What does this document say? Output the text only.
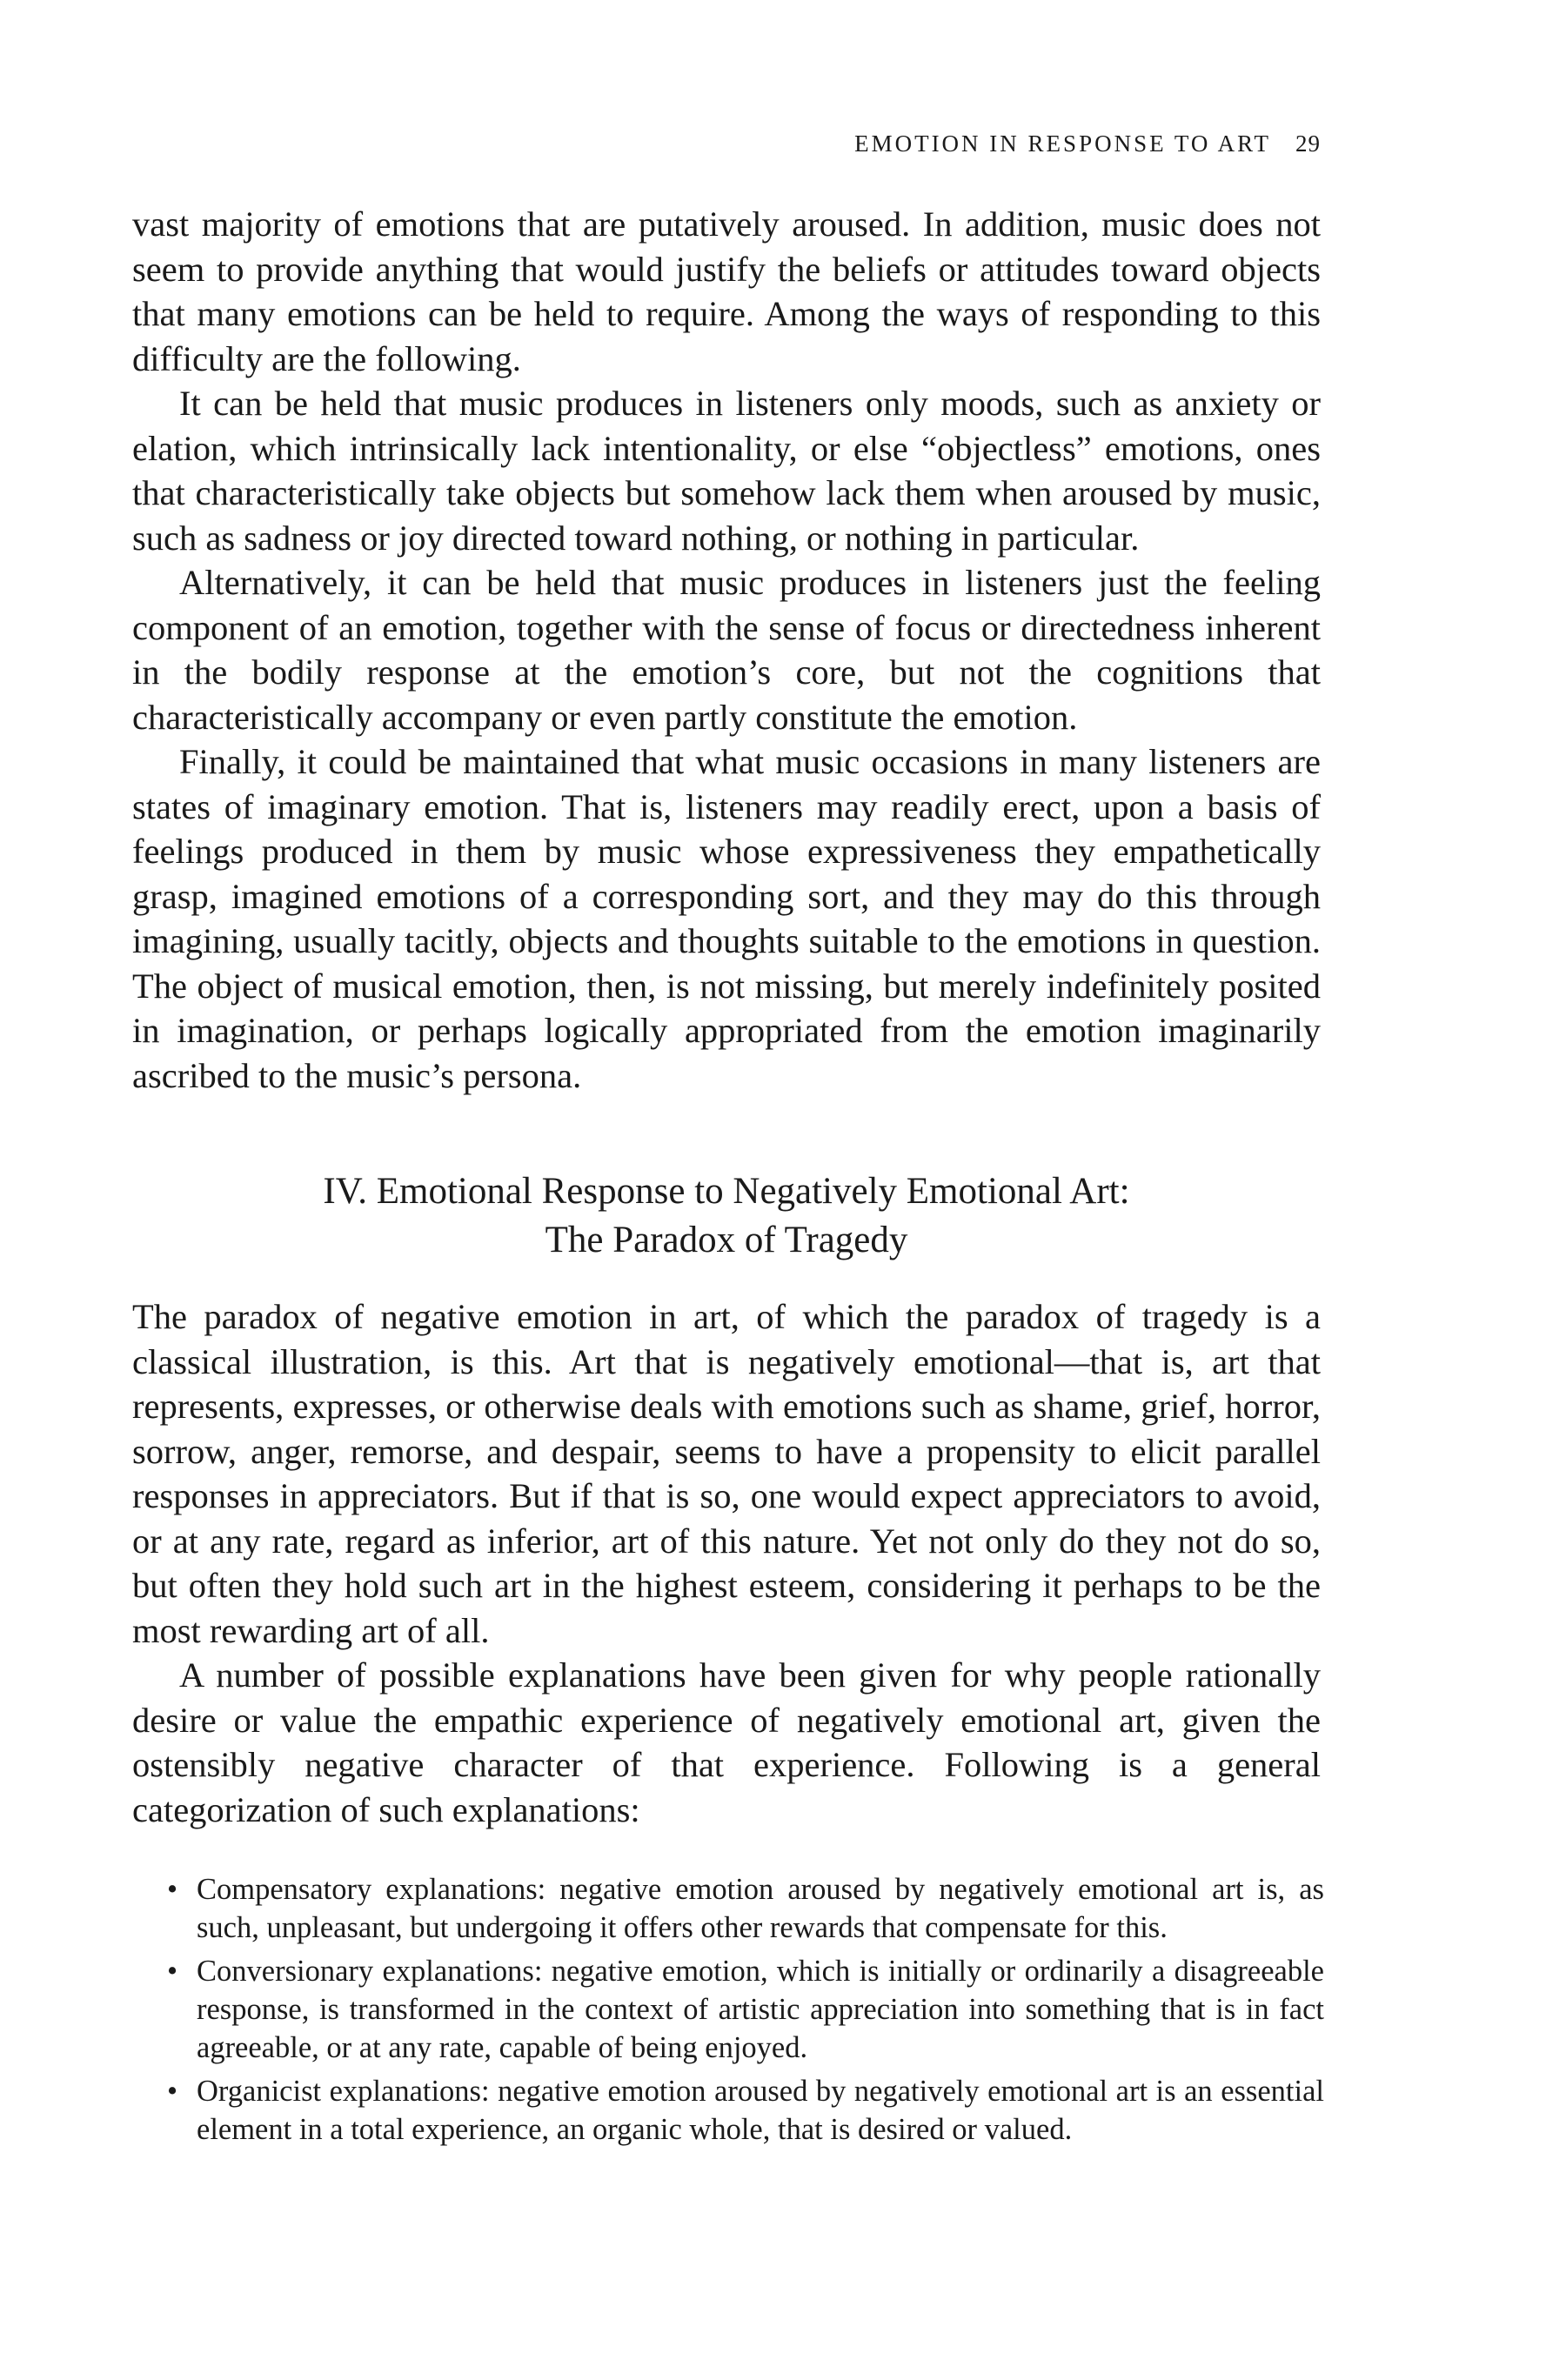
EMOTION IN RESPONSE TO ART 29

vast majority of emotions that are putatively aroused. In addition, music does not seem to provide anything that would justify the beliefs or attitudes toward objects that many emotions can be held to require. Among the ways of responding to this difficulty are the following.

It can be held that music produces in listeners only moods, such as anxiety or elation, which intrinsically lack intentionality, or else “objectless” emotions, ones that characteristically take objects but somehow lack them when aroused by music, such as sadness or joy directed toward nothing, or nothing in particular.

Alternatively, it can be held that music produces in listeners just the feeling component of an emotion, together with the sense of focus or directedness inherent in the bodily response at the emotion’s core, but not the cognitions that characteristically accompany or even partly constitute the emotion.

Finally, it could be maintained that what music occasions in many listeners are states of imaginary emotion. That is, listeners may readily erect, upon a basis of feelings produced in them by music whose expressiveness they empathetically grasp, imagined emotions of a corresponding sort, and they may do this through imagining, usually tacitly, objects and thoughts suitable to the emotions in question. The object of musical emotion, then, is not missing, but merely indefinitely posited in imagination, or perhaps logically appropriated from the emotion imaginarily ascribed to the music’s persona.

IV. Emotional Response to Negatively Emotional Art:
The Paradox of Tragedy

The paradox of negative emotion in art, of which the paradox of tragedy is a classical illustration, is this. Art that is negatively emotional—that is, art that represents, expresses, or otherwise deals with emotions such as shame, grief, horror, sorrow, anger, remorse, and despair, seems to have a propensity to elicit parallel responses in appreciators. But if that is so, one would expect appreciators to avoid, or at any rate, regard as inferior, art of this nature. Yet not only do they not do so, but often they hold such art in the highest esteem, considering it perhaps to be the most rewarding art of all.

A number of possible explanations have been given for why people rationally desire or value the empathic experience of negatively emotional art, given the ostensibly negative character of that experience. Following is a general categorization of such explanations:

• Compensatory explanations: negative emotion aroused by negatively emotional art is, as such, unpleasant, but undergoing it offers other rewards that compensate for this.
• Conversionary explanations: negative emotion, which is initially or ordinarily a disagreeable response, is transformed in the context of artistic appreciation into something that is in fact agreeable, or at any rate, capable of being enjoyed.
• Organicist explanations: negative emotion aroused by negatively emotional art is an essential element in a total experience, an organic whole, that is desired or valued.
